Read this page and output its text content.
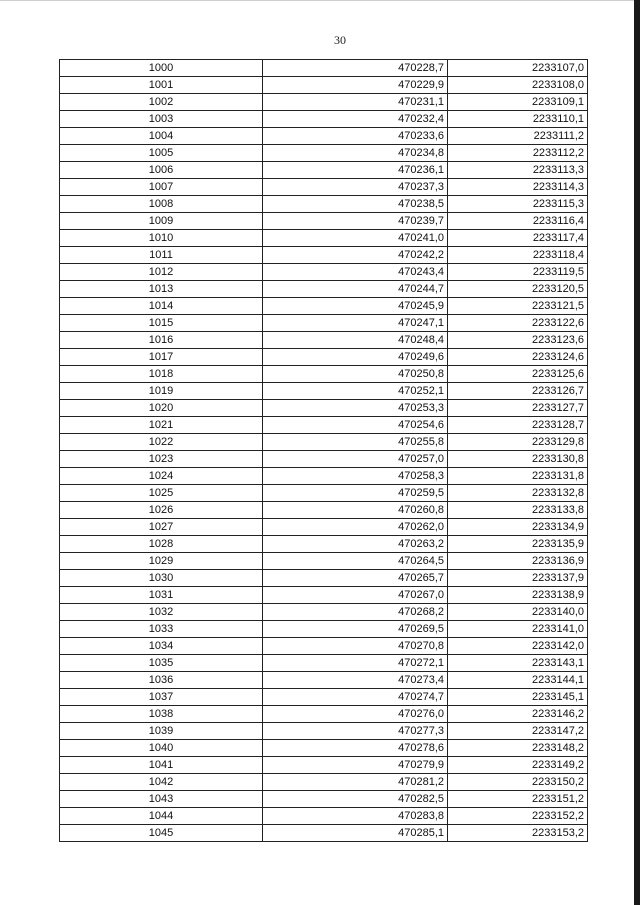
30
1000	470228,7	2233107,0
1001	470229,9	2233108,0
1002	470231,1	2233109,1
1003	470232,4	2233110,1
1004	470233,6	2233111,2
1005	470234,8	2233112,2
1006	470236,1	2233113,3
1007	470237,3	2233114,3
1008	470238,5	2233115,3
1009	470239,7	2233116,4
1010	470241,0	2233117,4
1011	470242,2	2233118,4
1012	470243,4	2233119,5
1013	470244,7	2233120,5
1014	470245,9	2233121,5
1015	470247,1	2233122,6
1016	470248,4	2233123,6
1017	470249,6	2233124,6
1018	470250,8	2233125,6
1019	470252,1	2233126,7
1020	470253,3	2233127,7
1021	470254,6	2233128,7
1022	470255,8	2233129,8
1023	470257,0	2233130,8
1024	470258,3	2233131,8
1025	470259,5	2233132,8
1026	470260,8	2233133,8
1027	470262,0	2233134,9
1028	470263,2	2233135,9
1029	470264,5	2233136,9
1030	470265,7	2233137,9
1031	470267,0	2233138,9
1032	470268,2	2233140,0
1033	470269,5	2233141,0
1034	470270,8	2233142,0
1035	470272,1	2233143,1
1036	470273,4	2233144,1
1037	470274,7	2233145,1
1038	470276,0	2233146,2
1039	470277,3	2233147,2
1040	470278,6	2233148,2
1041	470279,9	2233149,2
1042	470281,2	2233150,2
1043	470282,5	2233151,2
1044	470283,8	2233152,2
1045	470285,1	2233153,2
